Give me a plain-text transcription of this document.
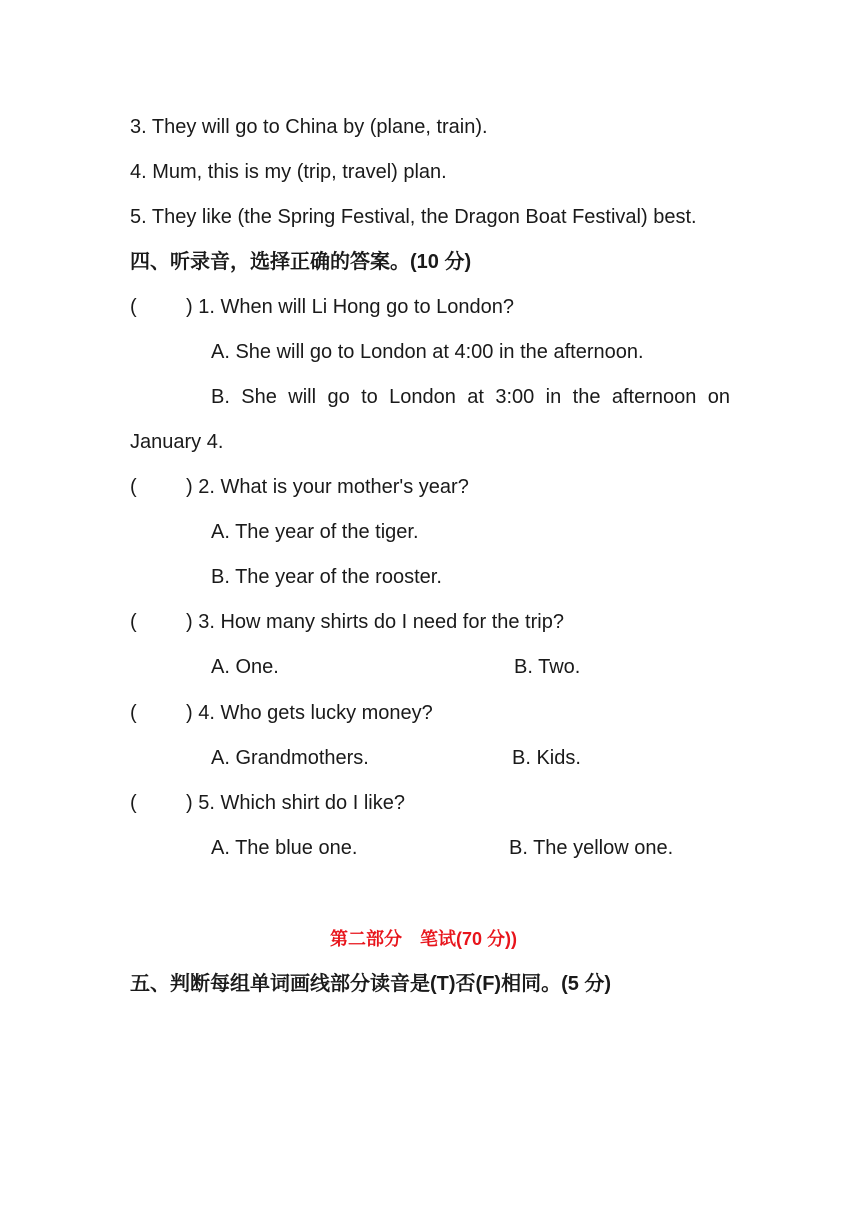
3. They will go to China by (plane, train).
4. Mum, this is my (trip, travel) plan.
5. They like (the Spring Festival, the Dragon Boat Festival) best.
四、听录音，选择正确的答案。(10 分)
( ) 1. When will Li Hong go to London?
A. She will go to London at 4:00 in the afternoon.
B. She will go to London at 3:00 in the afternoon on
January 4.
( ) 2. What is your mother's year?
A. The year of the tiger.
B. The year of the rooster.
( ) 3. How many shirts do I need for the trip?
A. One.	B. Two.
( ) 4. Who gets lucky money?
A. Grandmothers.	B. Kids.
( ) 5. Which shirt do I like?
A. The blue one.	B. The yellow one.
第二部分　笔试(70 分))
五、判断每组单词画线部分读音是(T)否(F)相同。(5 分)
